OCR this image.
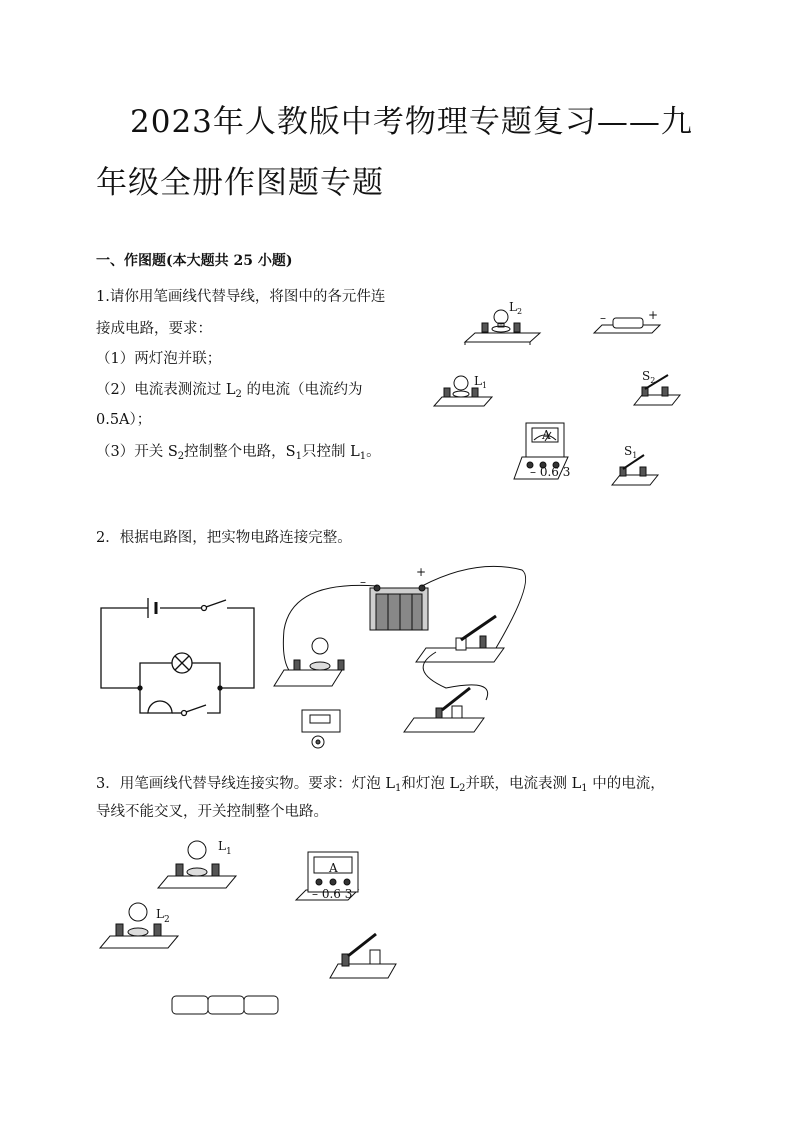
2023年人教版中考物理专题复习——九
年级全册作图题专题
一、作图题(本大题共 25 小题)
1.请你用笔画线代替导线，将图中的各元件连
接成电路，要求：
（1）两灯泡并联；
（2）电流表测流过 $L_2$ 的电流（电流约为
0.5A）；
（3）开关 $S_2$控制整个电路，$S_1$只控制 $L_1$。
$L_2$	–	+
$L_1$
$S_2$
A
– 0.6 3
$S_1$
2．根据电路图，把实物电路连接完整。
–
+
3．用笔画线代替导线连接实物。要求：灯泡 $L_1$和灯泡 $L_2$并联，电流表测 $L_1$ 中的电流，
导线不能交叉，开关控制整个电路。
$L_1$
A
– 0.6 3
$L_2$
